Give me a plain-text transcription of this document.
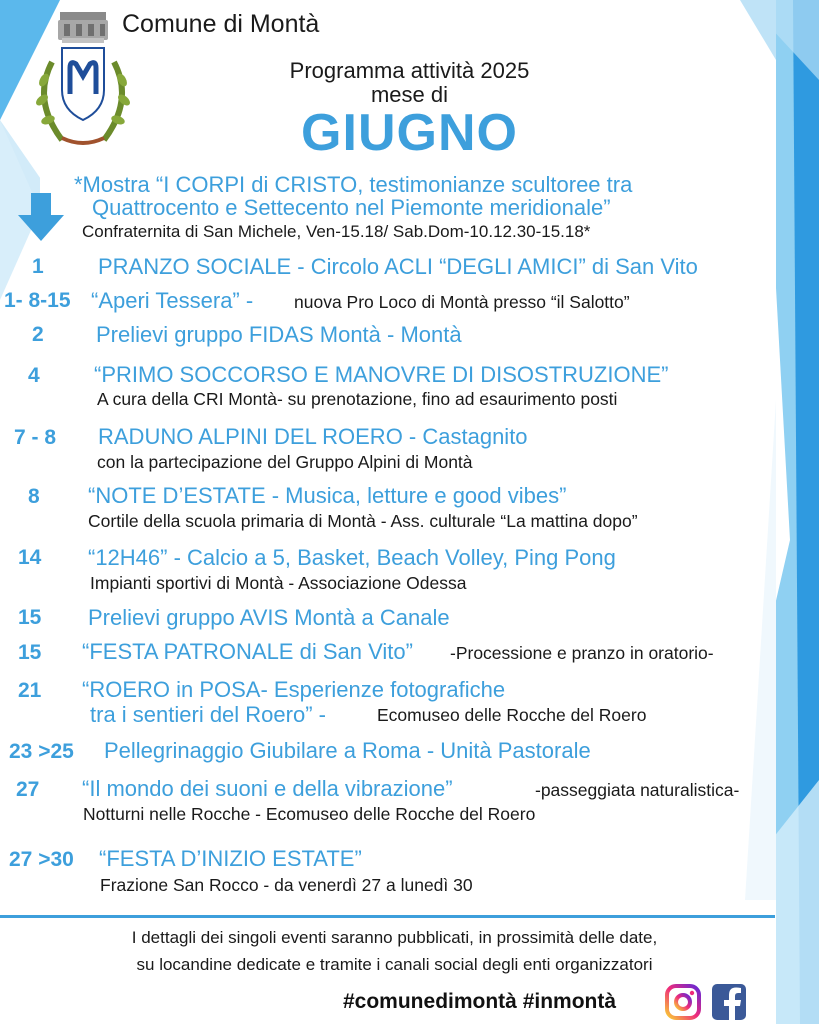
Comune di Montà
Programma attività 2025
mese di
GIUGNO
*Mostra “I CORPI di CRISTO, testimonianze scultoree tra
Quattrocento e Settecento nel Piemonte meridionale”
Confraternita di San Michele, Ven-15.18/ Sab.Dom-10.12.30-15.18*
1 PRANZO SOCIALE - Circolo ACLI “DEGLI AMICI” di San Vito
1- 8-15 “Aperi Tessera” - nuova Pro Loco di Montà presso “il Salotto”
2 Prelievi gruppo FIDAS Montà - Montà
4 “PRIMO SOCCORSO E MANOVRE DI DISOSTRUZIONE”
A cura della CRI Montà- su prenotazione, fino ad esaurimento posti
7 - 8 RADUNO ALPINI DEL ROERO - Castagnito
con la partecipazione del Gruppo Alpini di Montà
8 “NOTE D’ESTATE - Musica, letture e good vibes”
Cortile della scuola primaria di Montà - Ass. culturale “La mattina dopo”
14 “12H46” - Calcio a 5, Basket, Beach Volley, Ping Pong
Impianti sportivi di Montà - Associazione Odessa
15 Prelievi gruppo AVIS Montà a Canale
15 “FESTA PATRONALE di San Vito” -Processione e pranzo in oratorio-
21 “ROERO in POSA- Esperienze fotografiche
tra i sentieri del Roero” -	Ecomuseo delle Rocche del Roero
23 >25 Pellegrinaggio Giubilare a Roma - Unità Pastorale
27 “Il mondo dei suoni e della vibrazione”	-passeggiata naturalistica-
Notturni nelle Rocche - Ecomuseo delle Rocche del Roero
27 >30 “FESTA D’INIZIO ESTATE”
Frazione San Rocco - da venerdì 27 a lunedì 30
I dettagli dei singoli eventi saranno pubblicati, in prossimità delle date,
su locandine dedicate e tramite i canali social degli enti organizzatori
#comunedimontà #inmontà
